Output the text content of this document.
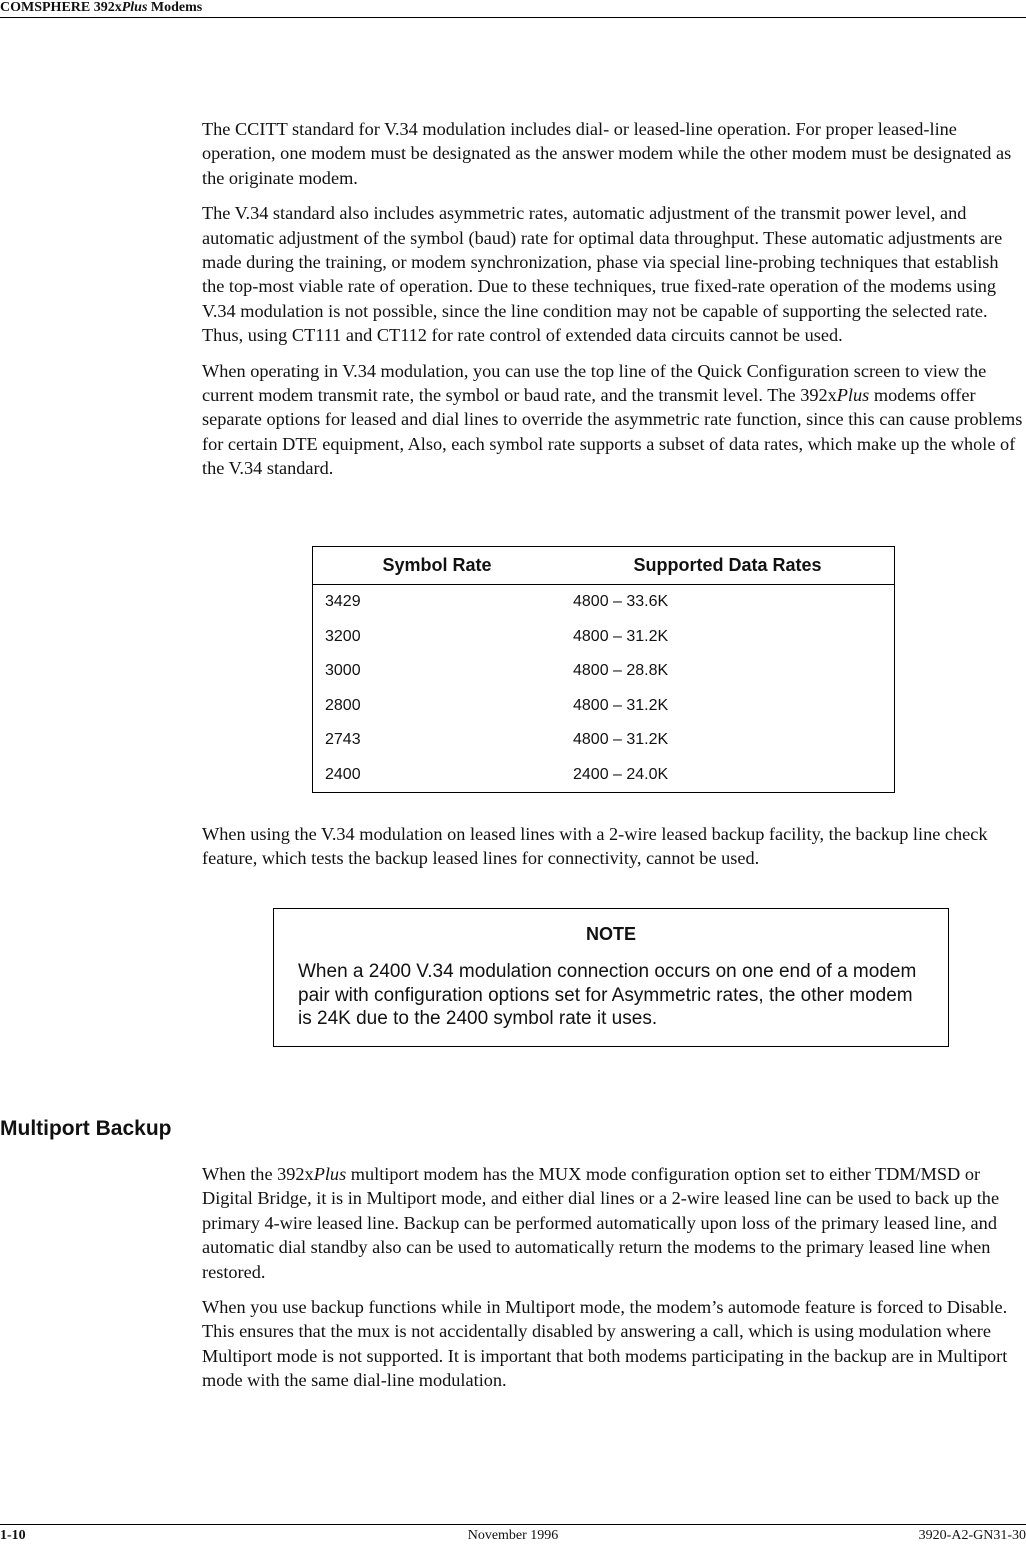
COMSPHERE 392xPlus Modems

The CCITT standard for V.34 modulation includes dial- or leased-line operation. For proper leased-line operation, one modem must be designated as the answer modem while the other modem must be designated as the originate modem.

The V.34 standard also includes asymmetric rates, automatic adjustment of the transmit power level, and automatic adjustment of the symbol (baud) rate for optimal data throughput. These automatic adjustments are made during the training, or modem synchronization, phase via special line-probing techniques that establish the top-most viable rate of operation. Due to these techniques, true fixed-rate operation of the modems using V.34 modulation is not possible, since the line condition may not be capable of supporting the selected rate. Thus, using CT111 and CT112 for rate control of extended data circuits cannot be used.

When operating in V.34 modulation, you can use the top line of the Quick Configuration screen to view the current modem transmit rate, the symbol or baud rate, and the transmit level. The 392xPlus modems offer separate options for leased and dial lines to override the asymmetric rate function, since this can cause problems for certain DTE equipment, Also, each symbol rate supports a subset of data rates, which make up the whole of the V.34 standard.

Symbol Rate	Supported Data Rates
3429	4800 – 33.6K
3200	4800 – 31.2K
3000	4800 – 28.8K
2800	4800 – 31.2K
2743	4800 – 31.2K
2400	2400 – 24.0K

When using the V.34 modulation on leased lines with a 2-wire leased backup facility, the backup line check feature, which tests the backup leased lines for connectivity, cannot be used.

NOTE
When a 2400 V.34 modulation connection occurs on one end of a modem pair with configuration options set for Asymmetric rates, the other modem is 24K due to the 2400 symbol rate it uses.
Multiport Backup

When the 392xPlus multiport modem has the MUX mode configuration option set to either TDM/MSD or Digital Bridge, it is in Multiport mode, and either dial lines or a 2-wire leased line can be used to back up the primary 4-wire leased line. Backup can be performed automatically upon loss of the primary leased line, and automatic dial standby also can be used to automatically return the modems to the primary leased line when restored.

When you use backup functions while in Multiport mode, the modem’s automode feature is forced to Disable. This ensures that the mux is not accidentally disabled by answering a call, which is using modulation where Multiport mode is not supported. It is important that both modems participating in the backup are in Multiport mode with the same dial-line modulation.

1-10	November 1996	3920-A2-GN31-30
